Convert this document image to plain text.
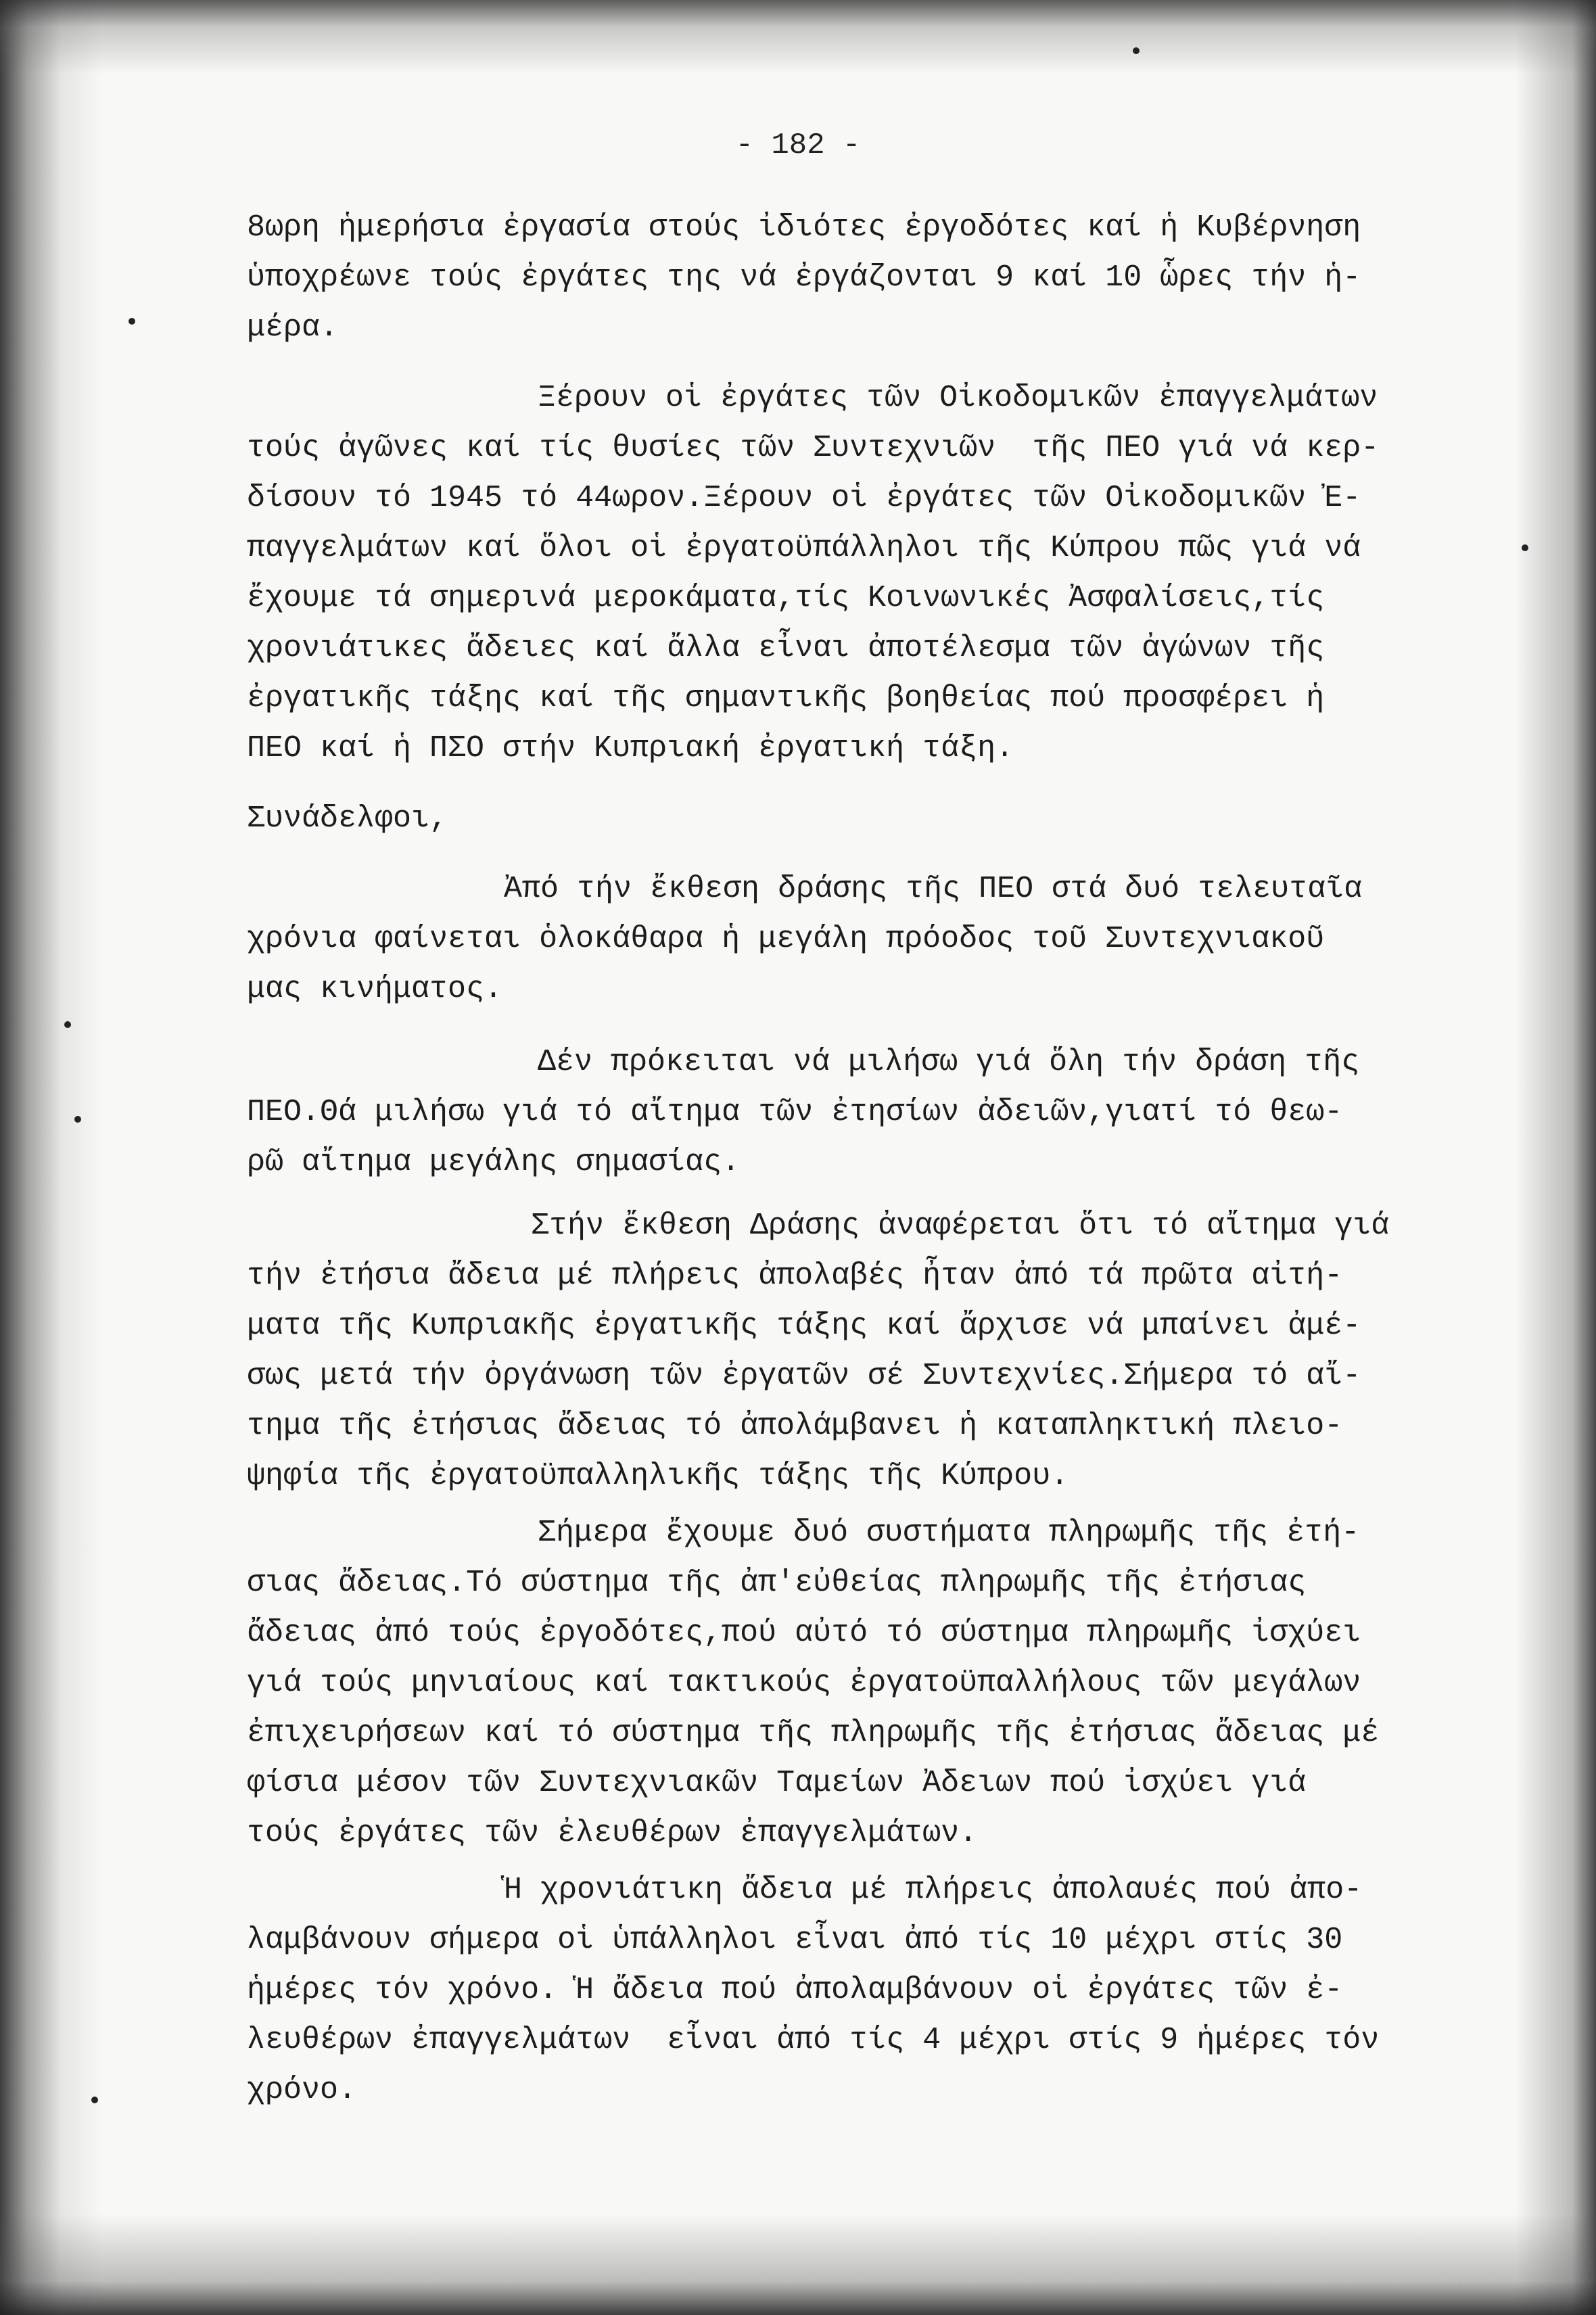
- 182 -
8ωρη ἡμερήσια ἐργασία στούς ἰδιότες ἐργοδότες καί ἡ Κυβέρνηση
ὑποχρέωνε τούς ἐργάτες της νά ἐργάζονται 9 καί 10 ὧρες τήν ἡ-
μέρα.
Ξέρουν οἱ ἐργάτες τῶν Οἰκοδομικῶν ἐπαγγελμάτων
τούς ἀγῶνες καί τίς θυσίες τῶν Συντεχνιῶν  τῆς ΠΕΟ γιά νά κερ-
δίσουν τό 1945 τό 44ωρον.Ξέρουν οἱ ἐργάτες τῶν Οἰκοδομικῶν Ἐ-
παγγελμάτων καί ὅλοι οἱ ἐργατοϋπάλληλοι τῆς Κύπρου πῶς γιά νά
ἔχουμε τά σημερινά μεροκάματα,τίς Κοινωνικές Ἀσφαλίσεις,τίς
χρονιάτικες ἄδειες καί ἄλλα εἶναι ἀποτέλεσμα τῶν ἀγώνων τῆς
ἐργατικῆς τάξης καί τῆς σημαντικῆς βοηθείας πού προσφέρει ἡ
ΠΕΟ καί ἡ ΠΣΟ στήν Κυπριακή ἐργατική τάξη.
Συνάδελφοι,
Ἀπό τήν ἔκθεση δράσης τῆς ΠΕΟ στά δυό τελευταῖα
χρόνια φαίνεται ὁλοκάθαρα ἡ μεγάλη πρόοδος τοῦ Συντεχνιακοῦ
μας κινήματος.
Δέν πρόκειται νά μιλήσω γιά ὅλη τήν δράση τῆς
ΠΕΟ.Θά μιλήσω γιά τό αἴτημα τῶν ἐτησίων ἀδειῶν,γιατί τό θεω-
ρῶ αἴτημα μεγάλης σημασίας.
Στήν ἔκθεση Δράσης ἀναφέρεται ὅτι τό αἴτημα γιά
τήν ἐτήσια ἄδεια μέ πλήρεις ἀπολαβές ἦταν ἀπό τά πρῶτα αἰτή-
ματα τῆς Κυπριακῆς ἐργατικῆς τάξης καί ἄρχισε νά μπαίνει ἀμέ-
σως μετά τήν ὀργάνωση τῶν ἐργατῶν σέ Συντεχνίες.Σήμερα τό αἴ-
τημα τῆς ἐτήσιας ἄδειας τό ἀπολάμβανει ἡ καταπληκτική πλειο-
ψηφία τῆς ἐργατοϋπαλληλικῆς τάξης τῆς Κύπρου.
Σήμερα ἔχουμε δυό συστήματα πληρωμῆς τῆς ἐτή-
σιας ἄδειας.Τό σύστημα τῆς ἀπ'εὐθείας πληρωμῆς τῆς ἐτήσιας
ἄδειας ἀπό τούς ἐργοδότες,πού αὐτό τό σύστημα πληρωμῆς ἰσχύει
γιά τούς μηνιαίους καί τακτικούς ἐργατοϋπαλλήλους τῶν μεγάλων
ἐπιχειρήσεων καί τό σύστημα τῆς πληρωμῆς τῆς ἐτήσιας ἄδειας μέ
φίσια μέσον τῶν Συντεχνιακῶν Ταμείων Ἀδειων πού ἰσχύει γιά
τούς ἐργάτες τῶν ἐλευθέρων ἐπαγγελμάτων.
Ἡ χρονιάτικη ἄδεια μέ πλήρεις ἀπολαυές πού ἀπο-
λαμβάνουν σήμερα οἱ ὑπάλληλοι εἶναι ἀπό τίς 10 μέχρι στίς 30
ἡμέρες τόν χρόνο. Ἡ ἄδεια πού ἀπολαμβάνουν οἱ ἐργάτες τῶν ἐ-
λευθέρων ἐπαγγελμάτων  εἶναι ἀπό τίς 4 μέχρι στίς 9 ἡμέρες τόν
χρόνο.
